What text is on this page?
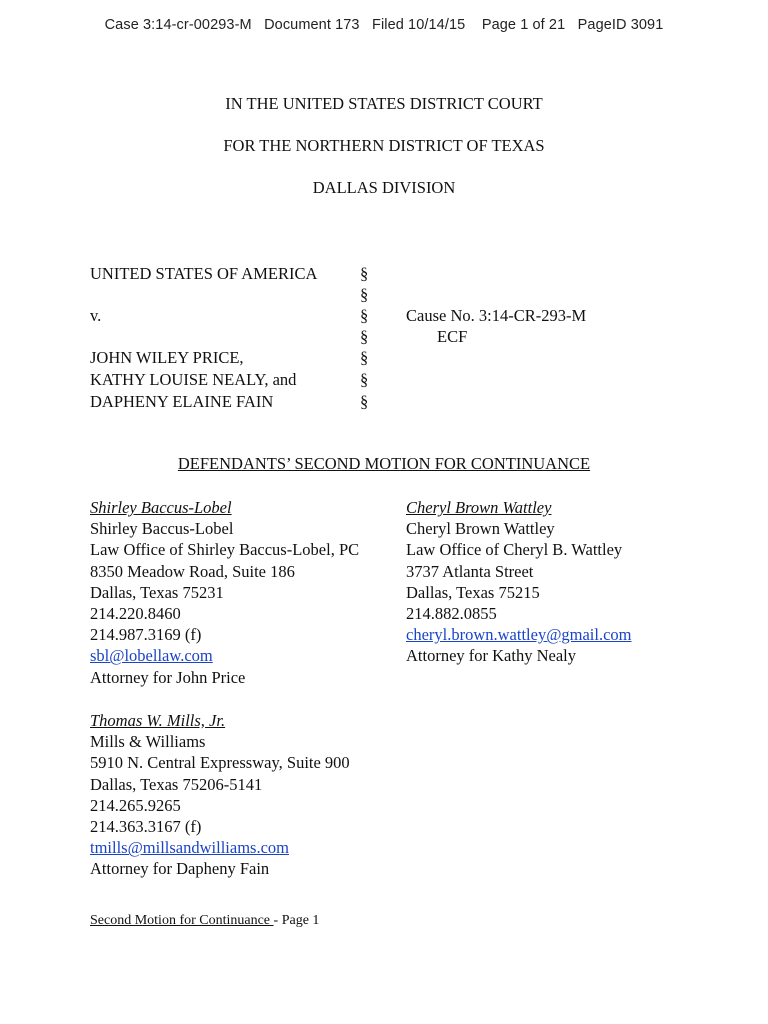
Case 3:14-cr-00293-M Document 173 Filed 10/14/15 Page 1 of 21 PageID 3091
IN THE UNITED STATES DISTRICT COURT
FOR THE NORTHERN DISTRICT OF TEXAS
DALLAS DIVISION
UNITED STATES OF AMERICA
v.
JOHN WILEY PRICE,
KATHY LOUISE NEALY, and
DAPHENY ELAINE FAIN
§
§
§
§
§
§
§
Cause No. 3:14-CR-293-M
ECF
DEFENDANTS’ SECOND MOTION FOR CONTINUANCE
Shirley Baccus-Lobel
Shirley Baccus-Lobel
Law Office of Shirley Baccus-Lobel, PC
8350 Meadow Road, Suite 186
Dallas, Texas 75231
214.220.8460
214.987.3169 (f)
sbl@lobellaw.com
Attorney for John Price
Cheryl Brown Wattley
Cheryl Brown Wattley
Law Office of Cheryl B. Wattley
3737 Atlanta Street
Dallas, Texas 75215
214.882.0855
cheryl.brown.wattley@gmail.com
Attorney for Kathy Nealy
Thomas W. Mills, Jr.
Mills & Williams
5910 N. Central Expressway, Suite 900
Dallas, Texas 75206-5141
214.265.9265
214.363.3167 (f)
tmills@millsandwilliams.com
Attorney for Dapheny Fain
Second Motion for Continuance - Page 1
